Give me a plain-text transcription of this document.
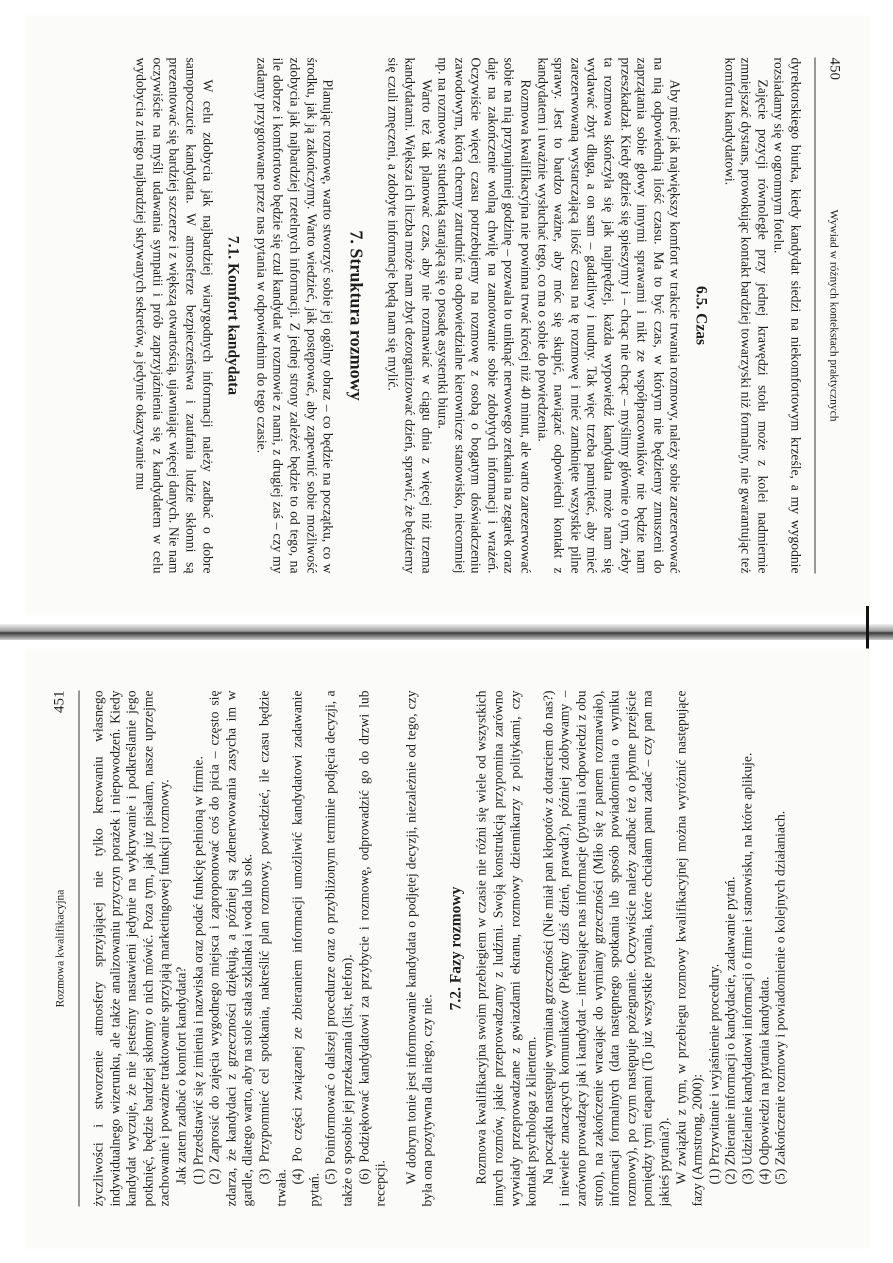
450
Wywiad w różnych kontekstach praktycznych

dyrektorskiego biurka, kiedy kandydat siedzi na niekomfortowym krześle, a my wygodnie rozsiadamy się w ogromnym fotelu.

Zajęcie pozycji równoległe przy jednej krawędzi stołu może z kolei nadmiernie zmniejszać dystans, prowokując kontakt bardziej towarzyski niż formalny, nie gwarantując też komfortu kandydatowi.

6.5. Czas

Aby mieć jak największy komfort w trakcie trwania rozmowy, należy sobie zarezerwować na nią odpowiednią ilość czasu. Ma to być czas, w którym nie będziemy zmuszeni do zaprzątania sobie głowy innymi sprawami i nikt ze współpracowników nie będzie nam przeszkadzał. Kiedy gdzieś się spieszymy i – chcąc nie chcąc – myślimy głównie o tym, żeby ta rozmowa skończyła się jak najprędzej, każda wypowiedź kandydata może nam się wydawać zbyt długa, a on sam – gadatliwy i nudny. Tak więc trzeba pamiętać, aby mieć zarezerwowaną wystarczającą ilość czasu na tę rozmowę i mieć zamknięte wszystkie pilne sprawy. Jest to bardzo ważne, aby móc się skupić, nawiązać odpowiedni kontakt z kandydatem i uważnie wysłuchać tego, co ma o sobie do powiedzenia.

Rozmowa kwalifikacyjna nie powinna trwać krócej niż 40 minut, ale warto zarezerwować sobie na nią przynajmniej godzinę – pozwala to uniknąć nerwowego zerkania na zegarek oraz daje na zakończenie wolną chwilę na zanotowanie sobie zdobytych informacji i wrażeń. Oczywiście więcej czasu potrzebujemy na rozmowę z osobą o bogatym doświadczeniu zawodowym, którą chcemy zatrudnić na odpowiedzialne kierownicze stanowisko, niecomniej np. na rozmowę ze studentką starającą się o posadę asystentki biura.

Warto też tak planować czas, aby nie rozmawiać w ciągu dnia z więcej niż trzema kandydatami. Większa ich liczba może nam zbyt dezorganizować dzień, sprawić, że będziemy się czuli zmęczeni, a zdobyte informacje będą nam się mylić.

7. Struktura rozmowy

Planując rozmowę, warto stworzyć sobie jej ogólny obraz – co będzie na początku, co w środku, jak ją zakończymy. Warto wiedzieć, jak postępować, aby zapewnić sobie możliwość zdobycia jak najbardziej rzetelnych informacji. Z jednej strony zależeć będzie to od tego, na ile dobrze i komfortowo będzie się czuł kandydat w rozmowie z nami, z drugiej zaś – czy my zadamy przygotowane przez nas pytania w odpowiednim do tego czasie.

7.1. Komfort kandydata

W celu zdobycia jak najbardziej wiarygodnych informacji należy zadbać o dobre samopoczucie kandydata. W atmosferze bezpieczeństwa i zaufania ludzie skłonni są prezentować się bardziej szczerze i z większą otwartością, ujawniając więcej danych. Nie nam oczywiście na myśli udawania sympatii i prób zaprzyjaźnienia się z kandydatem w celu wydobycia z niego najbardziej skrywanych sekretów, a jedynie okazywanie mu

Rozmowa kwalifikacyjna
451 życzliwości i stworzenie atmosfery sprzyjającej nie tylko kreowaniu własnego indywidualnego wizerunku, ale także analizowaniu przyczyn porażek i niepowodzeń. Kiedy kandydat wyczuje, że nie jesteśmy nastawieni jedynie na wykrywanie i podkreślanie jego potknięć, będzie bardziej skłonny o nich mówić. Poza tym, jak już pisałam, nasze uprzejme zachowanie i poważne traktowanie sprzyjają marketingowej funkcji rozmowy. Jak zatem zadbać o komfort kandydata? (1) Przedstawić się z imienia i nazwiska oraz podać funkcję pełnioną w firmie. (2) Zaprosić do zajęcia wygodnego miejsca i zaproponować coś do picia – często się zdarza, że kandydaci z grzeczności dziękują, a później są zdenerwowania zasycha im w gardle, dlatego warto, aby na stole stała szklanka i woda lub sok. (3) Przypomnieć cel spotkania, nakreślić plan rozmowy, powiedzieć, ile czasu będzie trwała.

(4) Po części związanej ze zbieraniem informacji umożliwić kandydatowi zadawanie pytań.

(5) Poinformować o dalszej procedurze oraz o przybliżonym terminie podjęcia decyzji, a także o sposobie jej przekazania (list, telefon). (6) Podziękować kandydatowi za przybycie i rozmowę, odprowadzić go do drzwi lub recepcji. W dobrym tonie jest informowanie kandydata o podjętej decyzji, niezależnie od tego, czy była ona pozytywna dla niego, czy nie.

7.2. Fazy rozmowy Rozmowa kwalifikacyjna swoim przebiegiem w czasie nie różni się wiele od wszystkich innych rozmów, jakie przeprowadzamy z ludźmi. Swoją konstrukcją przypomina zarówno wywiady przeprowadzane z gwiazdami ekranu, rozmowy dziennikarzy z politykami, czy kontakt psychologa z klientem. Na początku następuje wymiana grzeczności (Nie miał pan kłopotów z dotarciem do nas?) i niewiele znaczących komunikatów (Piękny dziś dzień, prawda?), później zdobywamy – zarówno prowadzący jak i kandydat – interesujące nas informacje (pytania i odpowiedzi z obu stron), na zakończenie wracając do wymiany grzeczności (Miło się z panem rozmawiało), informacji formalnych (data następnego spotkania lub sposób powiadomienia o wyniku rozmowy), po czym następuje pożegnanie. Oczywiście należy zadbać też o płynne przejście pomiędzy tymi etapami (To już wszystkie pytania, które chciałam panu zadać – czy pan ma jakieś pytania?). W związku z tym, w przebiegu rozmowy kwalifikacyjnej można wyróżnić następujące fazy (Armstrong, 2000): (1) Przywitanie i wyjaśnienie procedury. (2) Zbieranie informacji o kandydacie, zadawanie pytań. (3) Udzielanie kandydatowi informacji o firmie i stanowisku, na które aplikuje. (4) Odpowiedzi na pytania kandydata. (5) Zakończenie rozmowy i powiadomienie o kolejnych działaniach.
